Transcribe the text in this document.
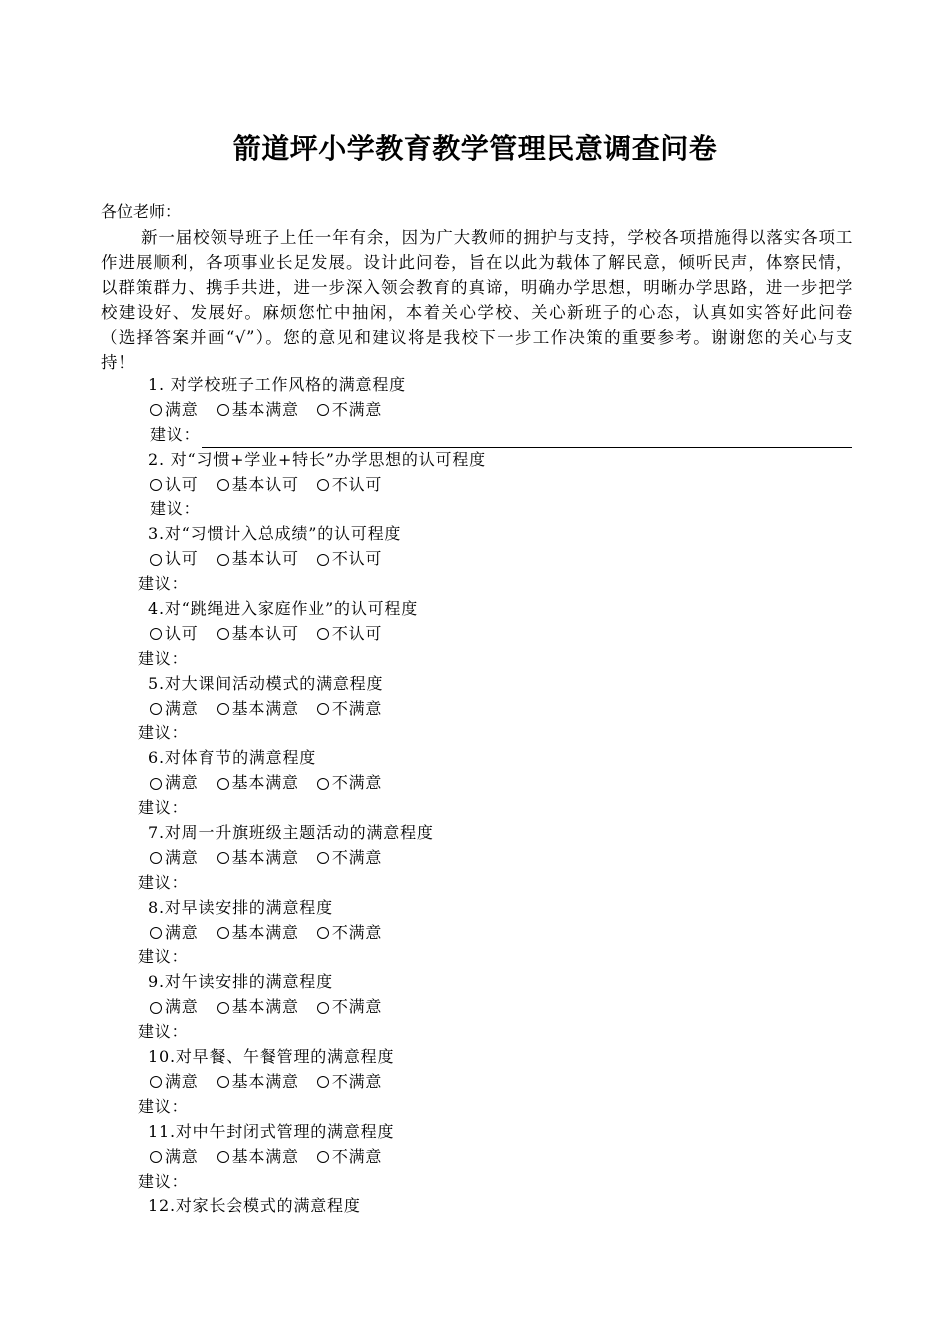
箭道坪小学教育教学管理民意调查问卷
各位老师：

新一届校领导班子上任一年有余，因为广大教师的拥护与支持，学校各项措施得以落实各项工作进展顺利，各项事业长足发展。设计此问卷，旨在以此为载体了解民意，倾听民声，体察民情，以群策群力、携手共进，进一步深入领会教育的真谛，明确办学思想，明晰办学思路，进一步把学校建设好、发展好。麻烦您忙中抽闲，本着关心学校、关心新班子的心态，认真如实答好此问卷（选择答案并画“√”）。您的意见和建议将是我校下一步工作决策的重要参考。谢谢您的关心与支持！

1. 对学校班子工作风格的满意程度
满意 基本满意 不满意
建议：
2. 对“习惯+学业+特长”办学思想的认可程度
认可 基本认可 不认可
建议：
3.对“习惯计入总成绩”的认可程度
认可 基本认可 不认可
建议：
4.对“跳绳进入家庭作业”的认可程度
认可 基本认可 不认可
建议：
5.对大课间活动模式的满意程度
满意 基本满意 不满意
建议：
6.对体育节的满意程度
满意 基本满意 不满意
建议：
7.对周一升旗班级主题活动的满意程度
满意 基本满意 不满意
建议：
8.对早读安排的满意程度
满意 基本满意 不满意
建议：
9.对午读安排的满意程度
满意 基本满意 不满意
建议：
10.对早餐、午餐管理的满意程度
满意 基本满意 不满意
建议：
11.对中午封闭式管理的满意程度
满意 基本满意 不满意
建议：
12.对家长会模式的满意程度
